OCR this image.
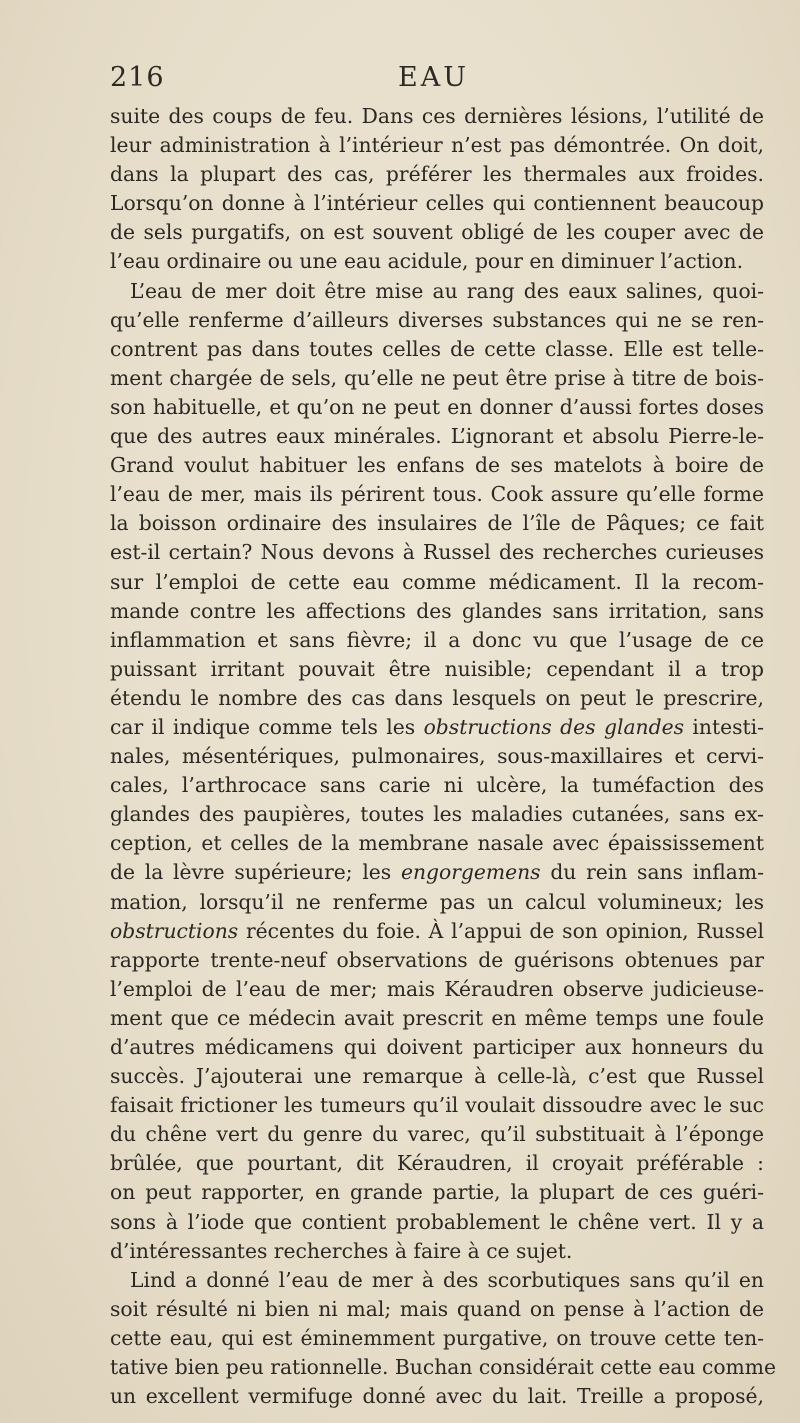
216	EAU
suite des coups de feu. Dans ces dernières lésions, l’utilité de
leur administration à l’intérieur n’est pas démontrée. On doit,
dans la plupart des cas, préférer les thermales aux froides.
Lorsqu’on donne à l’intérieur celles qui contiennent beaucoup
de sels purgatifs, on est souvent obligé de les couper avec de
l’eau ordinaire ou une eau acidule, pour en diminuer l’action.
L’eau de mer doit être mise au rang des eaux salines, quoi-
qu’elle renferme d’ailleurs diverses substances qui ne se ren-
contrent pas dans toutes celles de cette classe. Elle est telle-
ment chargée de sels, qu’elle ne peut être prise à titre de bois-
son habituelle, et qu’on ne peut en donner d’aussi fortes doses
que des autres eaux minérales. L’ignorant et absolu Pierre-le-
Grand voulut habituer les enfans de ses matelots à boire de
l’eau de mer, mais ils périrent tous. Cook assure qu’elle forme
la boisson ordinaire des insulaires de l’île de Pâques; ce fait
est-il certain? Nous devons à Russel des recherches curieuses
sur l’emploi de cette eau comme médicament. Il la recom-
mande contre les affections des glandes sans irritation, sans
inflammation et sans fièvre; il a donc vu que l’usage de ce
puissant irritant pouvait être nuisible; cependant il a trop
étendu le nombre des cas dans lesquels on peut le prescrire,
car il indique comme tels les obstructions des glandes intesti-
nales, mésentériques, pulmonaires, sous-maxillaires et cervi-
cales, l’arthrocace sans carie ni ulcère, la tuméfaction des
glandes des paupières, toutes les maladies cutanées, sans ex-
ception, et celles de la membrane nasale avec épaississement
de la lèvre supérieure; les engorgemens du rein sans inflam-
mation, lorsqu’il ne renferme pas un calcul volumineux; les
obstructions récentes du foie. À l’appui de son opinion, Russel
rapporte trente-neuf observations de guérisons obtenues par
l’emploi de l’eau de mer; mais Kéraudren observe judicieuse-
ment que ce médecin avait prescrit en même temps une foule
d’autres médicamens qui doivent participer aux honneurs du
succès. J’ajouterai une remarque à celle-là, c’est que Russel
faisait frictioner les tumeurs qu’il voulait dissoudre avec le suc
du chêne vert du genre du varec, qu’il substituait à l’éponge
brûlée, que pourtant, dit Kéraudren, il croyait préférable :
on peut rapporter, en grande partie, la plupart de ces guéri-
sons à l’iode que contient probablement le chêne vert. Il y a
d’intéressantes recherches à faire à ce sujet.
Lind a donné l’eau de mer à des scorbutiques sans qu’il en
soit résulté ni bien ni mal; mais quand on pense à l’action de
cette eau, qui est éminemment purgative, on trouve cette ten-
tative bien peu rationnelle. Buchan considérait cette eau comme
un excellent vermifuge donné avec du lait. Treille a proposé,
